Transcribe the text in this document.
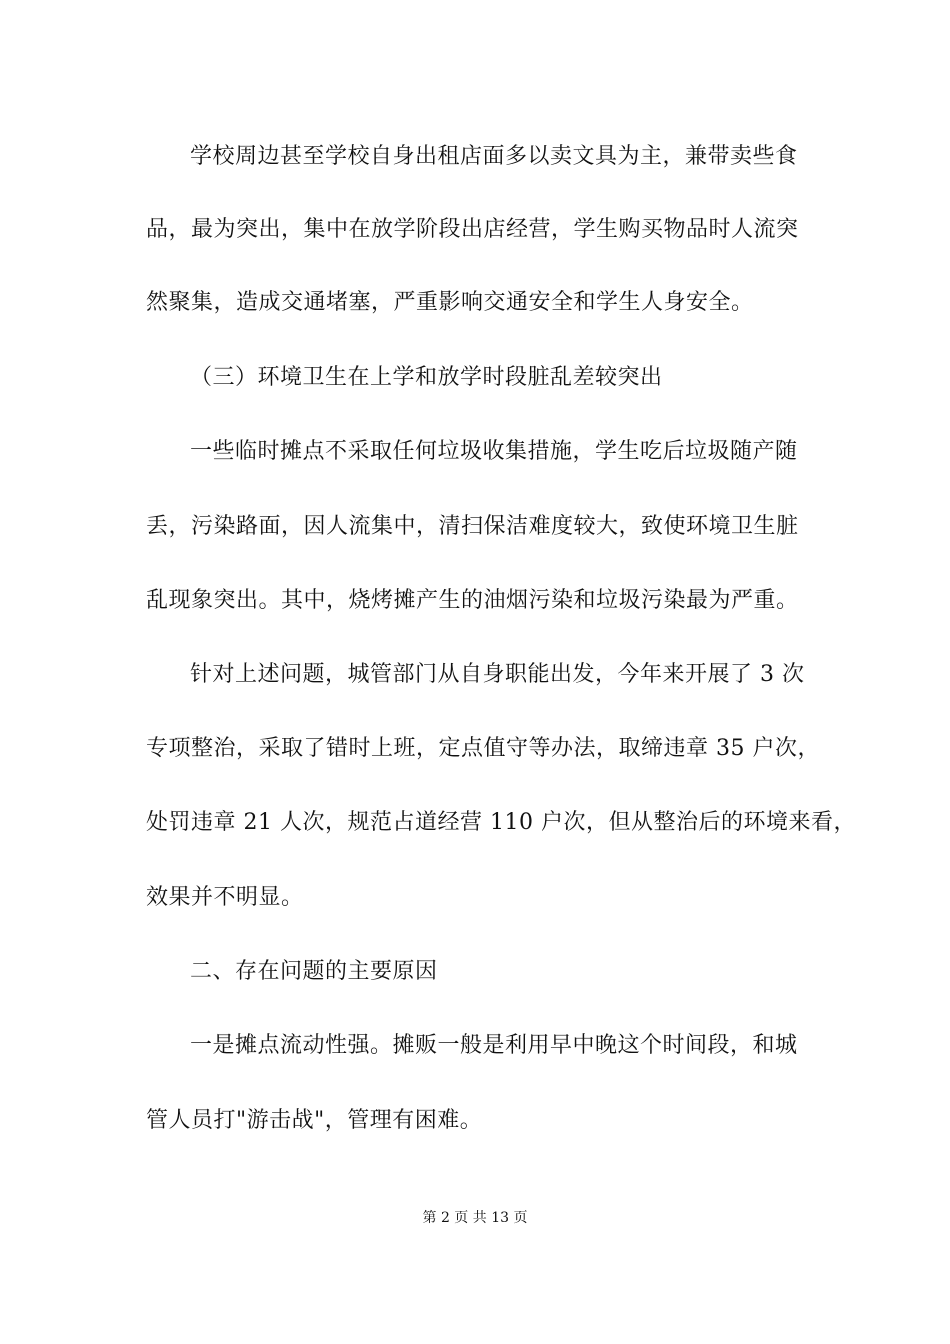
学校周边甚至学校自身出租店面多以卖文具为主，兼带卖些食
品，最为突出，集中在放学阶段出店经营，学生购买物品时人流突
然聚集，造成交通堵塞，严重影响交通安全和学生人身安全。
（三）环境卫生在上学和放学时段脏乱差较突出
一些临时摊点不采取任何垃圾收集措施，学生吃后垃圾随产随
丢，污染路面，因人流集中，清扫保洁难度较大，致使环境卫生脏
乱现象突出。其中，烧烤摊产生的油烟污染和垃圾污染最为严重。
针对上述问题，城管部门从自身职能出发，今年来开展了 3 次
专项整治，采取了错时上班，定点值守等办法，取缔违章 35 户次，
处罚违章 21 人次，规范占道经营 110 户次，但从整治后的环境来看，
效果并不明显。
二、存在问题的主要原因
一是摊点流动性强。摊贩一般是利用早中晚这个时间段，和城
管人员打"游击战"，管理有困难。
第 2 页 共 13 页
